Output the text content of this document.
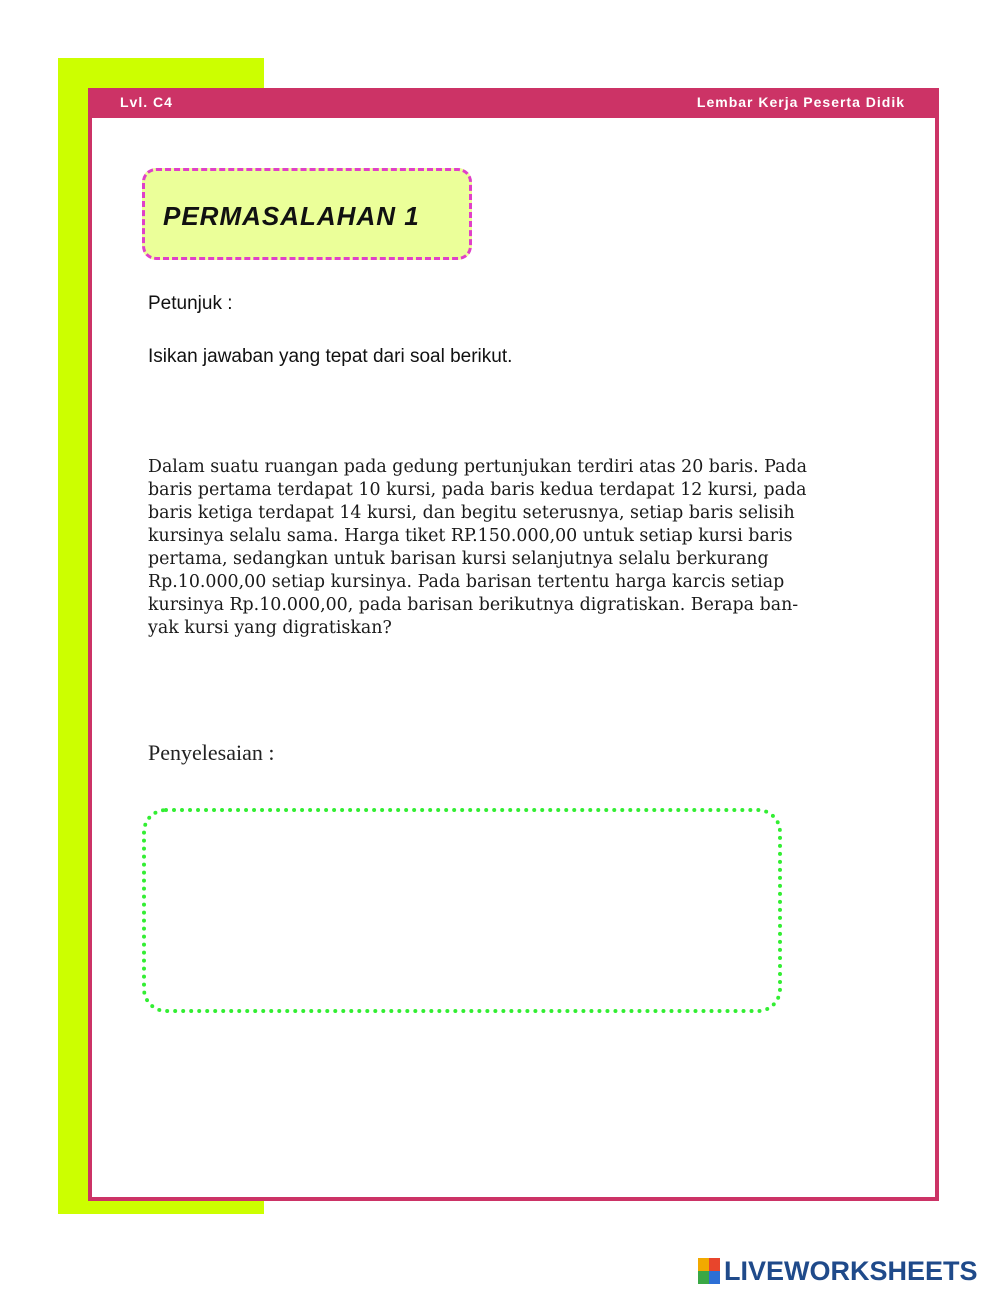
Lvl. C4	Lembar Kerja Peserta Didik
PERMASALAHAN 1
Petunjuk :
Isikan jawaban yang tepat dari soal berikut.
Dalam suatu ruangan pada gedung pertunjukan terdiri atas 20 baris. Pada
baris pertama terdapat 10 kursi, pada baris kedua terdapat 12 kursi, pada
baris ketiga terdapat 14 kursi, dan begitu seterusnya, setiap baris selisih
kursinya selalu sama. Harga tiket RP.150.000,00 untuk setiap kursi baris
pertama, sedangkan untuk barisan kursi selanjutnya selalu berkurang
Rp.10.000,00 setiap kursinya. Pada barisan tertentu harga karcis setiap
kursinya Rp.10.000,00, pada barisan berikutnya digratiskan. Berapa ban-
yak kursi yang digratiskan?
Penyelesaian :
LIVEWORKSHEETS
